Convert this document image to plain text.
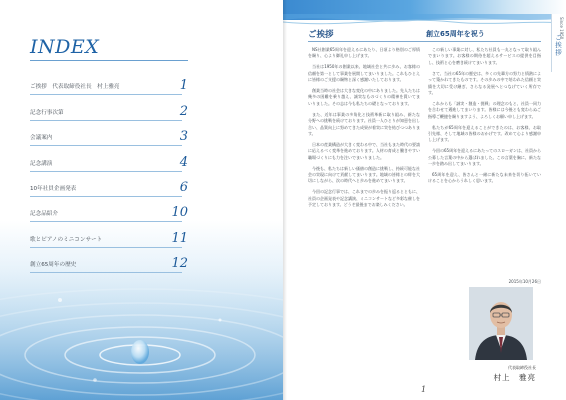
INDEX
ご挨拶　代表取締役社長　村上雅亮	1
記念行事次第	2
会議案内	3
記念講演	4
10年社員企画発表	6
記念品紹介	10
歌とピアノのミニコンサート	11
創立65周年の歴史	12
Since 1950
ご挨拶
ご挨拶	創立65周年を祝う

NS社創業65周年を迎えるにあたり、日頃より格別のご厚情を賜り、心より御礼申し上げます。

当社は1950年の創業以来、地域社会と共に歩み、お客様の信頼を第一として事業を展開してまいりました。これもひとえに皆様のご支援の賜物と深く感謝いたしております。

創業当時の社会は大きな変化の中にありました。先人たちは幾多の困難を乗り越え、誠実なものづくりの精神を貫いてまいりました。その志は今も私たちの礎となっております。

また、近年は事業の多角化と技術革新に取り組み、新たな分野への挑戦を続けております。社員一人ひとりが知恵を出し合い、品質向上に努めてきた成果が着実に実を結びつつあります。

日本の産業構造が大きく変わる中で、当社もまた時代の要請に応えるべく変革を進めております。人材の育成と働きやすい職場づくりにも力を注いでまいりました。

今後も、私たちは新しい価値の創造に挑戦し、持続可能な社会の実現に向けて貢献してまいります。地域の皆様との絆を大切にしながら、次の時代へと歩みを進めてまいります。

今回の記念行事では、これまでの歩みを振り返るとともに、社員の企画発表や記念講演、ミニコンサートなど多彩な催しを予定しております。どうぞ最後までお楽しみください。

この新しい事業に対し、私たち社員も一丸となって取り組んでまいります。お客様の期待を超えるサービスの提供を目指し、技術と心を磨き続けてまいります。

さて、当社の65年の歴史は、多くの先輩方の努力と情熱によって築かれてきたものです。その歩みの中で培われた信頼と実績を大切に受け継ぎ、さらなる発展へとつなげていく所存です。

これからも「誠実・創造・挑戦」の理念のもと、社員一同力を合わせて邁進してまいります。皆様には今後とも変わらぬご指導ご鞭撻を賜りますよう、よろしくお願い申し上げます。

私たちが65周年を迎えることができたのは、お客様、お取引先様、そして地域の皆様のおかげです。改めて心より感謝申し上げます。

今回の65周年を迎えるにあたってのスローガンは、社員から公募した言葉の中から選ばれました。この言葉を胸に、新たな一歩を踏み出してまいります。

65周年を迎え、皆さんと一緒に新たな未来を切り拓いていけることを心からうれしく思います。

2015年10月26日
代表取締役社長
村上　雅亮
1
